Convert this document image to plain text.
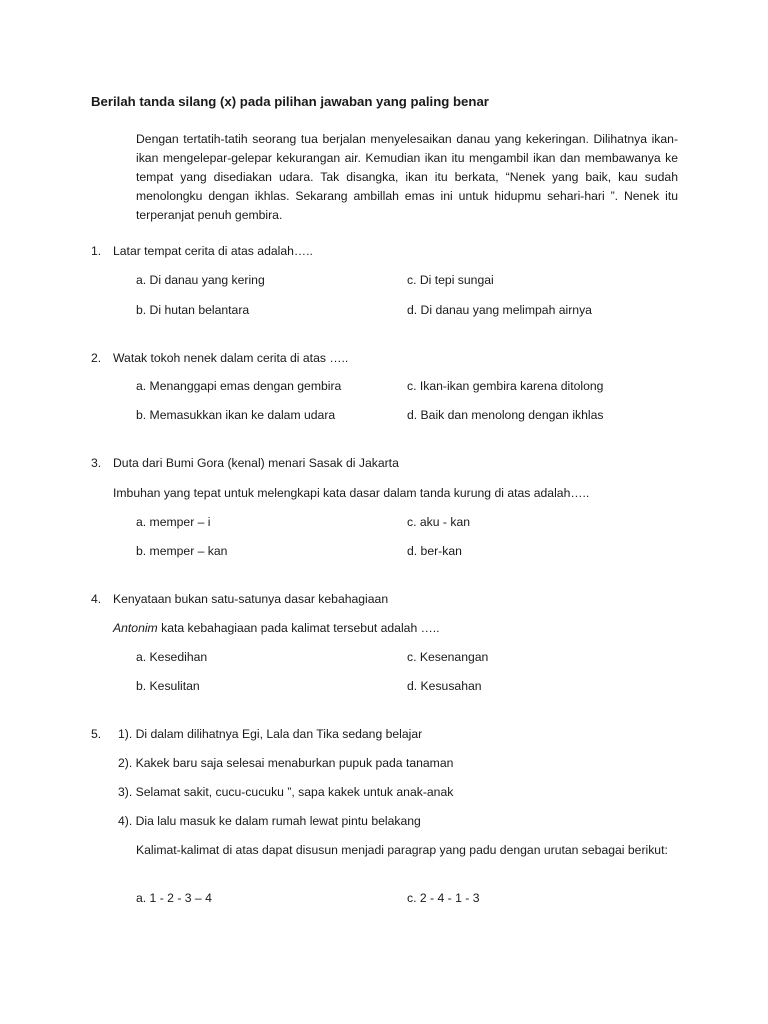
Berilah tanda silang (x) pada pilihan jawaban yang paling benar
Dengan tertatih-tatih seorang tua berjalan menyelesaikan danau yang kekeringan. Dilihatnya ikan-ikan mengelepar-gelepar kekurangan air. Kemudian ikan itu mengambil ikan dan membawanya ke tempat yang disediakan udara. Tak disangka, ikan itu berkata, “Nenek yang baik, kau sudah menolongku dengan ikhlas. Sekarang ambillah emas ini untuk hidupmu sehari-hari ”. Nenek itu terperanjat penuh gembira.
1. Latar tempat cerita di atas adalah…..
a. Di danau yang kering	c. Di tepi sungai
b. Di hutan belantara	d. Di danau yang melimpah airnya
2. Watak tokoh nenek dalam cerita di atas …..
a. Menanggapi emas dengan gembira	c. Ikan-ikan gembira karena ditolong
b. Memasukkan ikan ke dalam udara	d. Baik dan menolong dengan ikhlas
3. Duta dari Bumi Gora (kenal) menari Sasak di Jakarta
Imbuhan yang tepat untuk melengkapi kata dasar dalam tanda kurung di atas adalah…..
a. memper – i	c. aku - kan
b. memper – kan	d. ber-kan
4. Kenyataan bukan satu-satunya dasar kebahagiaan
Antonim kata kebahagiaan pada kalimat tersebut adalah …..
a. Kesedihan	c. Kesenangan
b. Kesulitan	d. Kesusahan
5. 1). Di dalam dilihatnya Egi, Lala dan Tika sedang belajar
2). Kakek baru saja selesai menaburkan pupuk pada tanaman
3). Selamat sakit, cucu-cucuku ”, sapa kakek untuk anak-anak
4). Dia lalu masuk ke dalam rumah lewat pintu belakang
Kalimat-kalimat di atas dapat disusun menjadi paragrap yang padu dengan urutan sebagai berikut:
a. 1 - 2 - 3 – 4	c. 2 - 4 - 1 - 3
